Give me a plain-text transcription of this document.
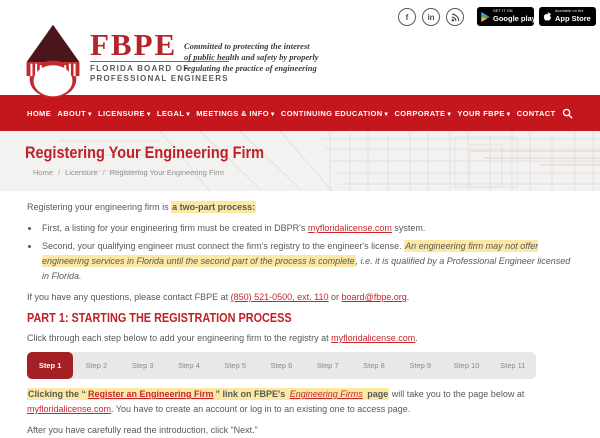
FBPE
FLORIDA BOARD OF
PROFESSIONAL ENGINEERS
Committed to protecting the interest
of public health and safety by properly
regulating the practice of engineering
f in
GET IT ON
Google play
Available on the
App Store
HOME ABOUT ▾ LICENSURE ▾ LEGAL ▾ MEETINGS & INFO ▾ CONTINUING EDUCATION ▾ CORPORATE ▾ YOUR FBPE ▾ CONTACT
Registering Your Engineering Firm
Home / Licensure / Registering Your Engineering Firm

Registering your engineering firm is a two-part process:

• First, a listing for your engineering firm must be created in DBPR's myfloridalicense.com system.
• Second, your qualifying engineer must connect the firm's registry to the engineer's license. An engineering firm may not offer engineering services in Florida until the second part of the process is complete, i.e. it is qualified by a Professional Engineer licensed in Florida.

If you have any questions, please contact FBPE at (850) 521-0500, ext. 110 or board@fbpe.org.

PART 1: STARTING THE REGISTRATION PROCESS

Click through each step below to add your engineering firm to the registry at myfloridalicense.com.

Step 1	Step 2	Step 3	Step 4	Step 5	Step 6	Step 7	Step 8	Step 9	Step 10	Step 11

Clicking the “ Register an Engineering Firm ” link on FBPE's Engineering Firms page will take you to the page below at myfloridalicense.com. You have to create an account or log in to an existing one to access page.

After you have carefully read the introduction, click “Next.”
